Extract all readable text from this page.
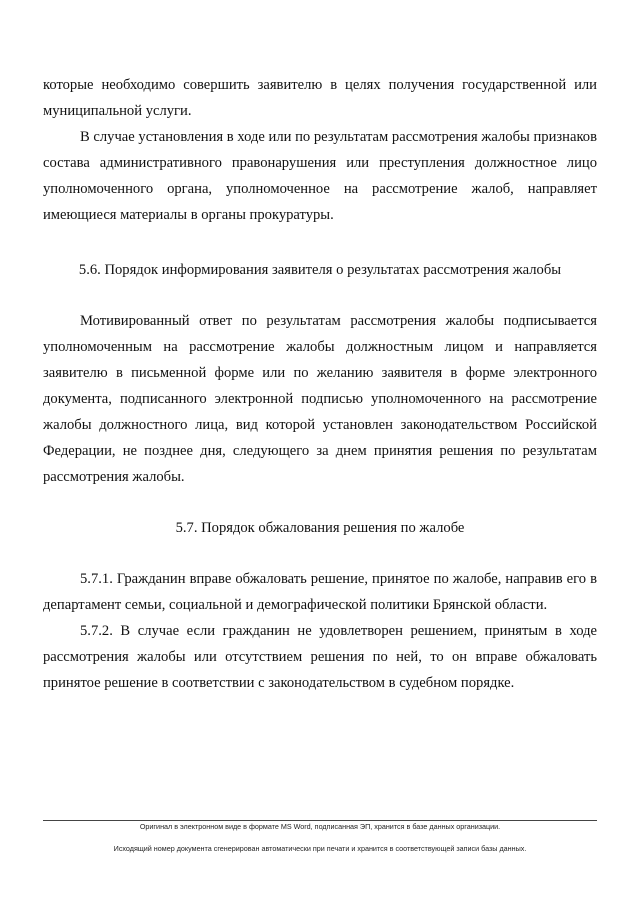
которые необходимо совершить заявителю в целях получения государственной или муниципальной услуги.

В случае установления в ходе или по результатам рассмотрения жалобы признаков состава административного правонарушения или преступления должностное лицо уполномоченного органа, уполномоченное на рассмотрение жалоб, направляет имеющиеся материалы в органы прокуратуры.

5.6. Порядок информирования заявителя о результатах рассмотрения жалобы

Мотивированный ответ по результатам рассмотрения жалобы подписывается уполномоченным на рассмотрение жалобы должностным лицом и направляется заявителю в письменной форме или по желанию заявителя в форме электронного документа, подписанного электронной подписью уполномоченного на рассмотрение жалобы должностного лица, вид которой установлен законодательством Российской Федерации, не позднее дня, следующего за днем принятия решения по результатам рассмотрения жалобы.

5.7. Порядок обжалования решения по жалобе

5.7.1. Гражданин вправе обжаловать решение, принятое по жалобе, направив его в департамент семьи, социальной и демографической политики Брянской области.

5.7.2. В случае если гражданин не удовлетворен решением, принятым в ходе рассмотрения жалобы или отсутствием решения по ней, то он вправе обжаловать принятое решение в соответствии с законодательством в судебном порядке.

Оригинал в электронном виде в формате MS Word, подписанная ЭП, хранится в базе данных организации.
Исходящий номер документа сгенерирован автоматически при печати и хранится в соответствующей записи базы данных.
